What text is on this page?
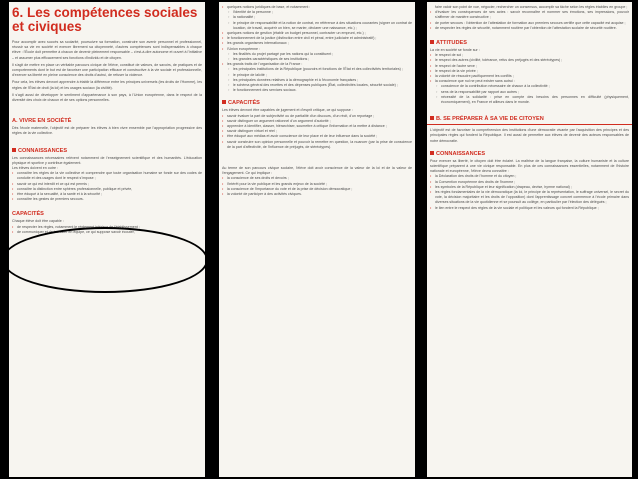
6. Les compétences sociales et civiques

Pour accomplir avec succès sa scolarité, poursuivre sa formation, construire son avenir personnel et professionnel, réussir sa vie en société et exercer librement sa citoyenneté, d'autres compétences sont indispensables à chaque élève : l'École doit permettre à chacun de devenir pleinement responsable – c'est-à-dire autonome et ouvert à l'initiative – et assumer plus efficacement ses fonctions d'individu et de citoyen.

Il s'agit de mettre en place un véritable parcours civique de l'élève, constitué de valeurs, de savoirs, de pratiques et de comportements dont le but est de favoriser une participation efficace et constructive à la vie sociale et professionnelle, d'exercer sa liberté en pleine conscience des droits d'autrui, de refuser la violence.

Pour cela, les élèves devront apprendre à établir la différence entre les principes universels (les droits de l'Homme), les règles de l'État de droit (la loi) et les usages sociaux (la civilité).

Il s'agit aussi de développer le sentiment d'appartenance à son pays, à l'Union européenne, dans le respect de la diversité des choix de chacun et de ses options personnelles.

A. VIVRE EN SOCIÉTÉ

Dès l'école maternelle, l'objectif est de préparer les élèves à bien vivre ensemble par l'appropriation progressive des règles de la vie collective.

CONNAISSANCES

Les connaissances nécessaires relèvent notamment de l'enseignement scientifique et des humanités. L'éducation physique et sportive y contribue également.

Les élèves doivent en outre :

• connaître les règles de la vie collective et comprendre que toute organisation humaine se fonde sur des codes de conduite et des usages dont le respect s'impose ;

• savoir ce qui est interdit et ce qui est permis ;

• connaître la distinction entre sphères professionnelle, publique et privée,

• être éduqué à la sexualité, à la santé et à la sécurité ;

• connaître les gestes de premiers secours.

CAPACITÉS

Chaque élève doit être capable :

• de respecter les règles, notamment le règlement intérieur de l'établissement ;

• de communiquer et de travailler en équipe, ce qui suppose savoir écouter,

• quelques notions juridiques de base, et notamment :

◦ l'identité de la personne ;

◦ la nationalité ;

◦ le principe de responsabilité et la notion de contrat, en référence à des situations courantes (signer un contrat de location, de travail, acquérir un bien, se marier, déclarer une naissance, etc.) ;

• quelques notions de gestion (établir un budget personnel, contracter un emprunt, etc.) ;

• le fonctionnement de la justice (distinction entre civil et pénal, entre judiciaire et administratif) ;

• les grands organismes internationaux ;

• l'Union européenne :

◦ les finalités du projet partagé par les nations qui la constituent ;

◦ les grandes caractéristiques de ses institutions ;

• les grands traits de l'organisation de la France :

◦ les principales institutions de la République (pouvoirs et fonctions de l'État et des collectivités territoriales) ;

◦ le principe de laïcité ;

◦ les principales données relatives à la démographie et à l'économie françaises ;

◦ le schéma général des recettes et des dépenses publiques (État, collectivités locales, sécurité sociale) ;

◦ le fonctionnement des services sociaux.

CAPACITÉS

Les élèves devront être capables de jugement et d'esprit critique, ce qui suppose :

• savoir évaluer la part de subjectivité ou de partialité d'un discours, d'un récit, d'un reportage ;

• savoir distinguer un argument rationnel d'un argument d'autorité ;

• apprendre à identifier, classer, hiérarchiser, soumettre à critique l'information et la mettre à distance ;

• savoir distinguer virtuel et réel ;

• être éduqué aux médias et avoir conscience de leur place et de leur influence dans la société ;

• savoir construire son opinion personnelle et pouvoir la remettre en question, la nuancer (par la prise de conscience de la part d'affectivité, de l'influence de préjugés, de stéréotypes).

Au terme de son parcours civique scolaire, l'élève doit avoir conscience de la valeur de la loi et de la valeur de l'engagement. Ce qui implique :

• la conscience de ses droits et devoirs ;

• l'intérêt pour la vie publique et les grands enjeux de la société ;

• la conscience de l'importance du vote et de la prise de décision démocratique ;

• la volonté de participer à des activités civiques.

faire valoir son point de vue, négocier, rechercher un consensus, accomplir sa tâche selon les règles établies en groupe ;

• d'évaluer les conséquences de ses actes : savoir reconnaître et nommer ses émotions, ses impressions, pouvoir s'affirmer de manière constructive ;

• de porter secours : l'obtention de l'attestation de formation aux premiers secours certifie que cette capacité est acquise ;

• de respecter les règles de sécurité, notamment routière par l'obtention de l'attestation scolaire de sécurité routière.

ATTITUDES

La vie en société se fonde sur :

• le respect de soi ;

• le respect des autres (civilité, tolérance, refus des préjugés et des stéréotypes) ;

• le respect de l'autre sexe ;

• le respect de la vie privée ;

• la volonté de résoudre pacifiquement les conflits ;

• la conscience que nul ne peut exister sans autrui :

◦ conscience de la contribution nécessaire de chacun à la collectivité ;

◦ sens de la responsabilité par rapport aux autres ;

◦ nécessité de la solidarité : prise en compte des besoins des personnes en difficulté (physiquement, économiquement), en France et ailleurs dans le monde.

B. SE PRÉPARER À SA VIE DE CITOYEN

L'objectif est de favoriser la compréhension des institutions d'une démocratie vivante par l'acquisition des principes et des principales règles qui fondent la République. Il est aussi de permettre aux élèves de devenir des acteurs responsables de notre démocratie.

CONNAISSANCES

Pour exercer sa liberté, le citoyen doit être éclairé. La maîtrise de la langue française, la culture humaniste et la culture scientifique préparent à une vie civique responsable. En plus de ces connaissances essentielles, notamment de l'histoire nationale et européenne, l'élève devra connaître :

• la Déclaration des droits de l'homme et du citoyen ;

• la Convention européenne des droits de l'homme ;

• les symboles de la République et leur signification (drapeau, devise, hymne national) ;

• les règles fondamentales de la vie démocratique (la loi, le principe de la représentation, le suffrage universel, le secret du vote, la décision majoritaire et les droits de l'opposition) dont l'apprentissage concret commence à l'école primaire dans diverses situations de la vie quotidienne et se poursuit au collège, en particulier par l'élection des délégués ;

• le lien entre le respect des règles de la vie sociale et politique et les valeurs qui fondent la République ;
